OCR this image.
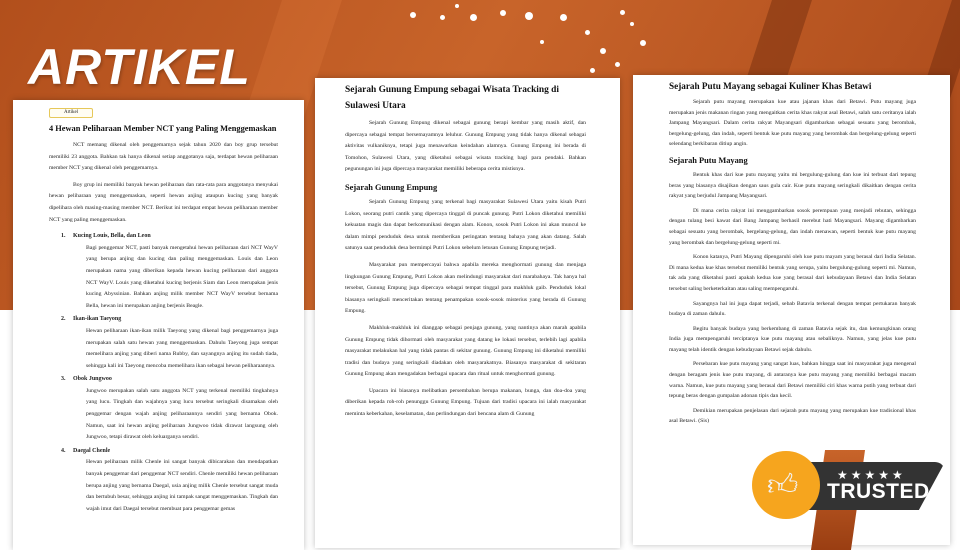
ARTIKEL
Artikel
4 Hewan Peliharaan Member NCT yang Paling Menggemaskan

NCT memang dikenal oleh penggemarnya sejak tahun 2020 dan boy grup tersebut memiliki 23 anggota. Bahkan tak hanya dikenal setiap anggotanya saja, terdapat hewan peliharaan member NCT yang dikenal oleh penggemarnya.

Boy grup ini memiliki banyak hewan peliharaan dan rata-rata para anggotanya menyukai hewan peliharaan yang menggemaskan, seperti hewan anjing ataupun kucing yang banyak dipelihara oleh masing-masing member NCT. Berikut ini terdapat empat hewan peliharaan member NCT yang paling menggemaskan.

1. Kucing Louis, Bella, dan Leon

Bagi penggemar NCT, pasti banyak mengetahui hewan peliharaan dari NCT WayV yang berupa anjing dan kucing dan paling menggemaskan. Louis dan Leon merupakan nama yang diberikan kepada hewan kucing peliharaan dari anggota NCT WayV. Louis yang diketahui kucing berjenis Siam dan Leon merupakan jenis kucing Abyssinian. Bahkan anjing milik member NCT WayV tersebut bernama Bella, hewan ini merupakan anjing berjenis Beagle.

2. Ikan-ikan Taeyong

Hewan peliharaan ikan-ikan milik Taeyong yang dikenal bagi penggemarnya juga merupakan salah satu hewan yang menggemaskan. Dahulu Taeyong juga sempat memelihara anjing yang diberi nama Rubby, dan sayangnya anjing itu sudah tiada, sehingga kali ini Taeyong mencoba memelihara ikan sebagai hewan peliharaannya.

3. Obok Jungwoo

Jungwoo merupakan salah satu anggota NCT yang terkenal memiliki tingkahnya yang lucu. Tingkah dan wajahnya yang lucu tersebut seringkali disamakan oleh penggemar dengan wajah anjing peliharaannya sendiri yang bernama Obok. Namun, saat ini hewan anjing peliharaan Jungwoo tidak dirawat langsung oleh Jungwoo, tetapi dirawat oleh keluarganya sendiri.

4. Daegal Chenle

Hewan peliharaan milik Chenle ini sangat banyak dibicarakan dan mendapatkan banyak penggemar dari penggemar NCT sendiri. Chenle memiliki hewan peliharaan berupa anjing yang bernama Daegal, usia anjing milik Chenle tersebut sangat muda dan bertubuh besar, sehingga anjing ini tampak sangat menggemaskan. Tingkah dan wajah imut dari Daegal tersebut membuat para penggemar gemas

Sejarah Gunung Empung sebagai Wisata Tracking di Sulawesi Utara

Sejarah Gunung Empung dikenal sebagai gunung berapi kembar yang masih aktif, dan dipercaya sebagai tempat bersemayamnya leluhur. Gunung Empung yang tidak hanya dikenal sebagai aktivitas vulkaniknya, tetapi juga menawarkan keindahan alamnya. Gunung Empung ini berada di Tomohon, Sulawesi Utara, yang diketahui sebagai wisata tracking bagi para pendaki. Bahkan pegunungan ini juga dipercaya masyarakat memiliki beberapa cerita mistisnya.

Sejarah Gunung Empung

Sejarah Gunung Empung yang terkenal bagi masyarakat Sulawesi Utara yaitu kisah Putri Lokon, seorang putri cantik yang dipercaya tinggal di puncak gunung. Putri Lokon diketahui memiliki kekuatan magis dan dapat berkomunikasi dengan alam. Konon, sosok Putri Lokon ini akan muncul ke dalam mimpi penduduk desa untuk memberikan peringatan tentang bahaya yang akan datang. Salah satunya saat penduduk desa bermimpi Putri Lokon sebelum letusan Gunung Empung terjadi.

Masyarakat pun mempercayai bahwa apabila mereka menghormati gunung dan menjaga lingkungan Gunung Empung, Putri Lokon akan melindungi masyarakat dari marabahaya. Tak hanya hal tersebut, Gunung Empung juga dipercaya sebagai tempat tinggal para makhluk gaib. Penduduk lokal biasanya seringkali menceritakan tentang penampakan sosok-sosok misterius yang berada di Gunung Empung.

Makhluk-makhluk ini dianggap sebagai penjaga gunung, yang nantinya akan marah apabila Gunung Empung tidak dihormati oleh masyarakat yang datang ke lokasi tersebut, terlebih lagi apabila masyarakat melakukan hal yang tidak pantas di sekitar gunung. Gunung Empung ini diketahui memiliki tradisi dan budaya yang seringkali diadakan oleh masyarakatnya. Biasanya masyarakat di sekitaran Gunung Empung akan mengadakan berbagai upacara dan ritual untuk menghormati gunung.

Upacara ini biasanya melibatkan persembahan berupa makanan, bunga, dan doa-doa yang diberikan kepada roh-roh penunggu Gunung Empung. Tujuan dari tradisi upacara ini ialah masyarakat meminta keberkahan, keselamatan, dan perlindungan dari bencana alam di Gunung

Sejarah Putu Mayang sebagai Kuliner Khas Betawi

Sejarah putu mayang merupakan kue atau jajanan khas dari Betawi. Putu mayang juga merupakan jenis makanan ringan yang mengaitkan cerita khas rakyat asal Betawi, salah satu ceritanya ialah Jampang Mayangsari. Dalam cerita rakyat Mayangsari digambarkan sebagai sesuatu yang berombak, bergelung-gelung, dan indah, seperti bentuk kue putu mayang yang berombak dan bergelung-gelung seperti selendang berkibaran ditiup angin.

Sejarah Putu Mayang

Bentuk khas dari kue putu mayang yaitu mi bergulung-gulung dan kue ini terbuat dari tepung beras yang biasanya disajikan dengan saus gula cair. Kue putu mayang seringkali dikaitkan dengan cerita rakyat yang berjudul Jampang Mayangsari.

Di mana cerita rakyat ini menggambarkan sosok perempuan yang menjadi rebutan, sehingga dengan tulang besi kawat dari Bang Jampang berhasil merebut hati Mayangsari. Mayang digambarkan sebagai sesuatu yang berombak, bergelang-gelung, dan indah menawan, seperti bentuk kue putu mayang yang berombak dan bergelung-gelung seperti mi.

Konon katanya, Putri Mayang dipengaruhi oleh kue putu mayam yang berasal dari India Selatan. Di mana kedua kue khas tersebut memiliki bentuk yang serupa, yaitu bergulung-gulung seperti mi. Namun, tak ada yang diketahui pasti apakah kedua kue yang berasal dari kebudayaan Betawi dan India Selatan tersebut saling berketerkaitan atau saling mempengaruhi.

Sayangnya hal ini juga dapat terjadi, sebab Batavia terkenal dengan tempat pertukaran banyak budaya di zaman dahulu.

Begitu banyak budaya yang berkembang di zaman Batavia sejak itu, dan kemungkinan orang India juga mempengaruhi terciptanya kue putu mayang atau sebaliknya. Namun, yang jelas kue putu mayang telah identik dengan kebudayaan Betawi sejak dahulu.

Persebaran kue putu mayang yang sangat luas, bahkan hingga saat ini masyarakat juga mengenal dengan beragam jenis kue putu mayang, di antaranya kue putu mayang yang memiliki berbagai macam warna. Namun, kue putu mayang yang berasal dari Betawi memiliki ciri khas warna putih yang terbuat dari tepung beras dengan gumpalan adonan tipis dan kecil.

Demikian merupakan penjelasan dari sejarah putu mayang yang merupakan kue tradisional khas asal Betawi. (Sis)

★★★★★
TRUSTED
👍︎
